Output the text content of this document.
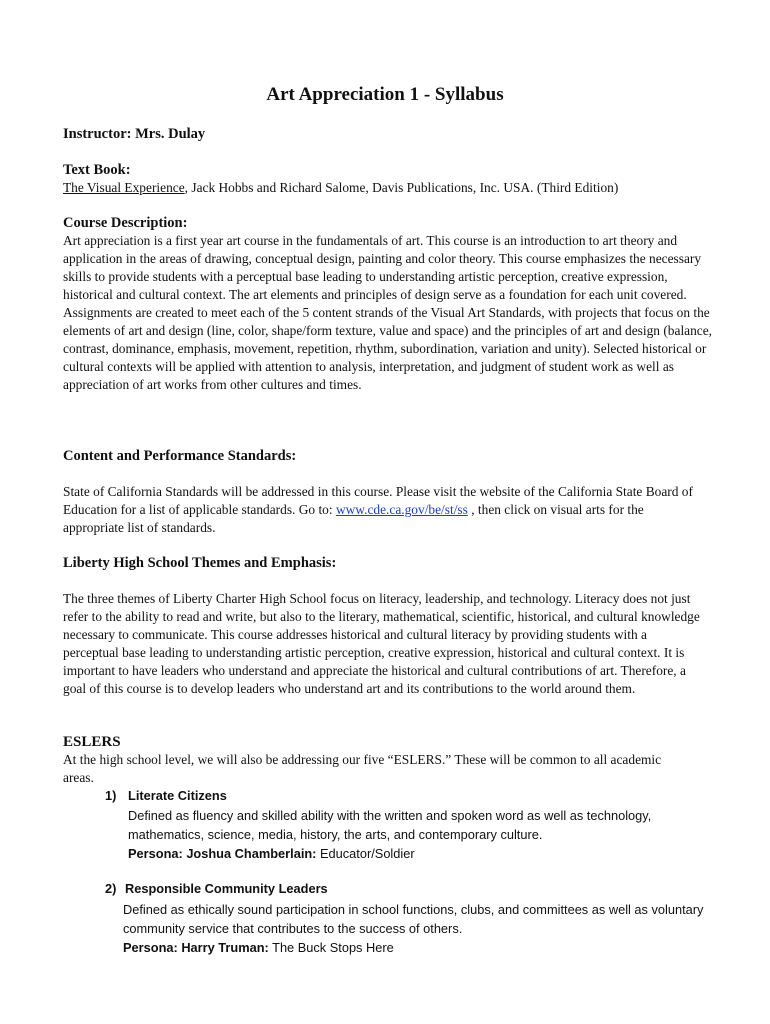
Art Appreciation 1 - Syllabus

Instructor: Mrs. Dulay

Text Book:

The Visual Experience, Jack Hobbs and Richard Salome, Davis Publications, Inc. USA. (Third Edition)

Course Description:

Art appreciation is a first year art course in the fundamentals of art. This course is an introduction to art theory and application in the areas of drawing, conceptual design, painting and color theory. This course emphasizes the necessary skills to provide students with a perceptual base leading to understanding artistic perception, creative expression, historical and cultural context. The art elements and principles of design serve as a foundation for each unit covered. Assignments are created to meet each of the 5 content strands of the Visual Art Standards, with projects that focus on the elements of art and design (line, color, shape/form texture, value and space) and the principles of art and design (balance, contrast, dominance, emphasis, movement, repetition, rhythm, subordination, variation and unity). Selected historical or cultural contexts will be applied with attention to analysis, interpretation, and judgment of student work as well as appreciation of art works from other cultures and times.

Content and Performance Standards:

State of California Standards will be addressed in this course. Please visit the website of the California State Board of Education for a list of applicable standards. Go to: www.cde.ca.gov/be/st/ss , then click on visual arts for the appropriate list of standards.

Liberty High School Themes and Emphasis:

The three themes of Liberty Charter High School focus on literacy, leadership, and technology. Literacy does not just refer to the ability to read and write, but also to the literary, mathematical, scientific, historical, and cultural knowledge necessary to communicate. This course addresses historical and cultural literacy by providing students with a perceptual base leading to understanding artistic perception, creative expression, historical and cultural context. It is important to have leaders who understand and appreciate the historical and cultural contributions of art. Therefore, a goal of this course is to develop leaders who understand art and its contributions to the world around them.

ESLERS

At the high school level, we will also be addressing our five “ESLERS.” These will be common to all academic areas.

1) Literate Citizens
Defined as fluency and skilled ability with the written and spoken word as well as technology, mathematics, science, media, history, the arts, and contemporary culture.
Persona: Joshua Chamberlain: Educator/Soldier
2) Responsible Community Leaders
Defined as ethically sound participation in school functions, clubs, and committees as well as voluntary community service that contributes to the success of others.
Persona: Harry Truman: The Buck Stops Here
